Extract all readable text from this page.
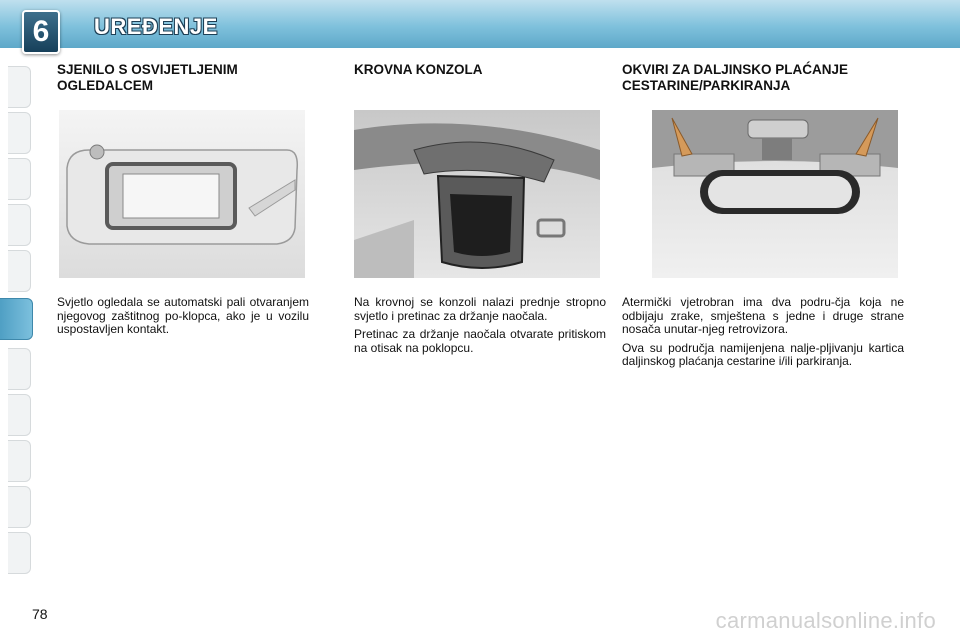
6	UREĐENJE
SJENILO S OSVIJETLJENIM
OGLEDALCEM

Svjetlo ogledala se automatski pali otvaranjem njegovog zaštitnog po-klopca, ako je u vozilu uspostavljen kontakt.

KROVNA KONZOLA

Na krovnoj se konzoli nalazi prednje stropno svjetlo i pretinac za držanje naočala.

Pretinac za držanje naočala otvarate pritiskom na otisak na poklopcu.

OKVIRI ZA DALJINSKO PLAĆANJE
CESTARINE/PARKIRANJA

Atermički vjetrobran ima dva podru-čja koja ne odbijaju zrake, smještena s jedne i druge strane nosača unutar-njeg retrovizora.

Ova su područja namijenjena nalje-pljivanju kartica daljinskog plaćanja cestarine i/ili parkiranja.

78	carmanualsonline.info
